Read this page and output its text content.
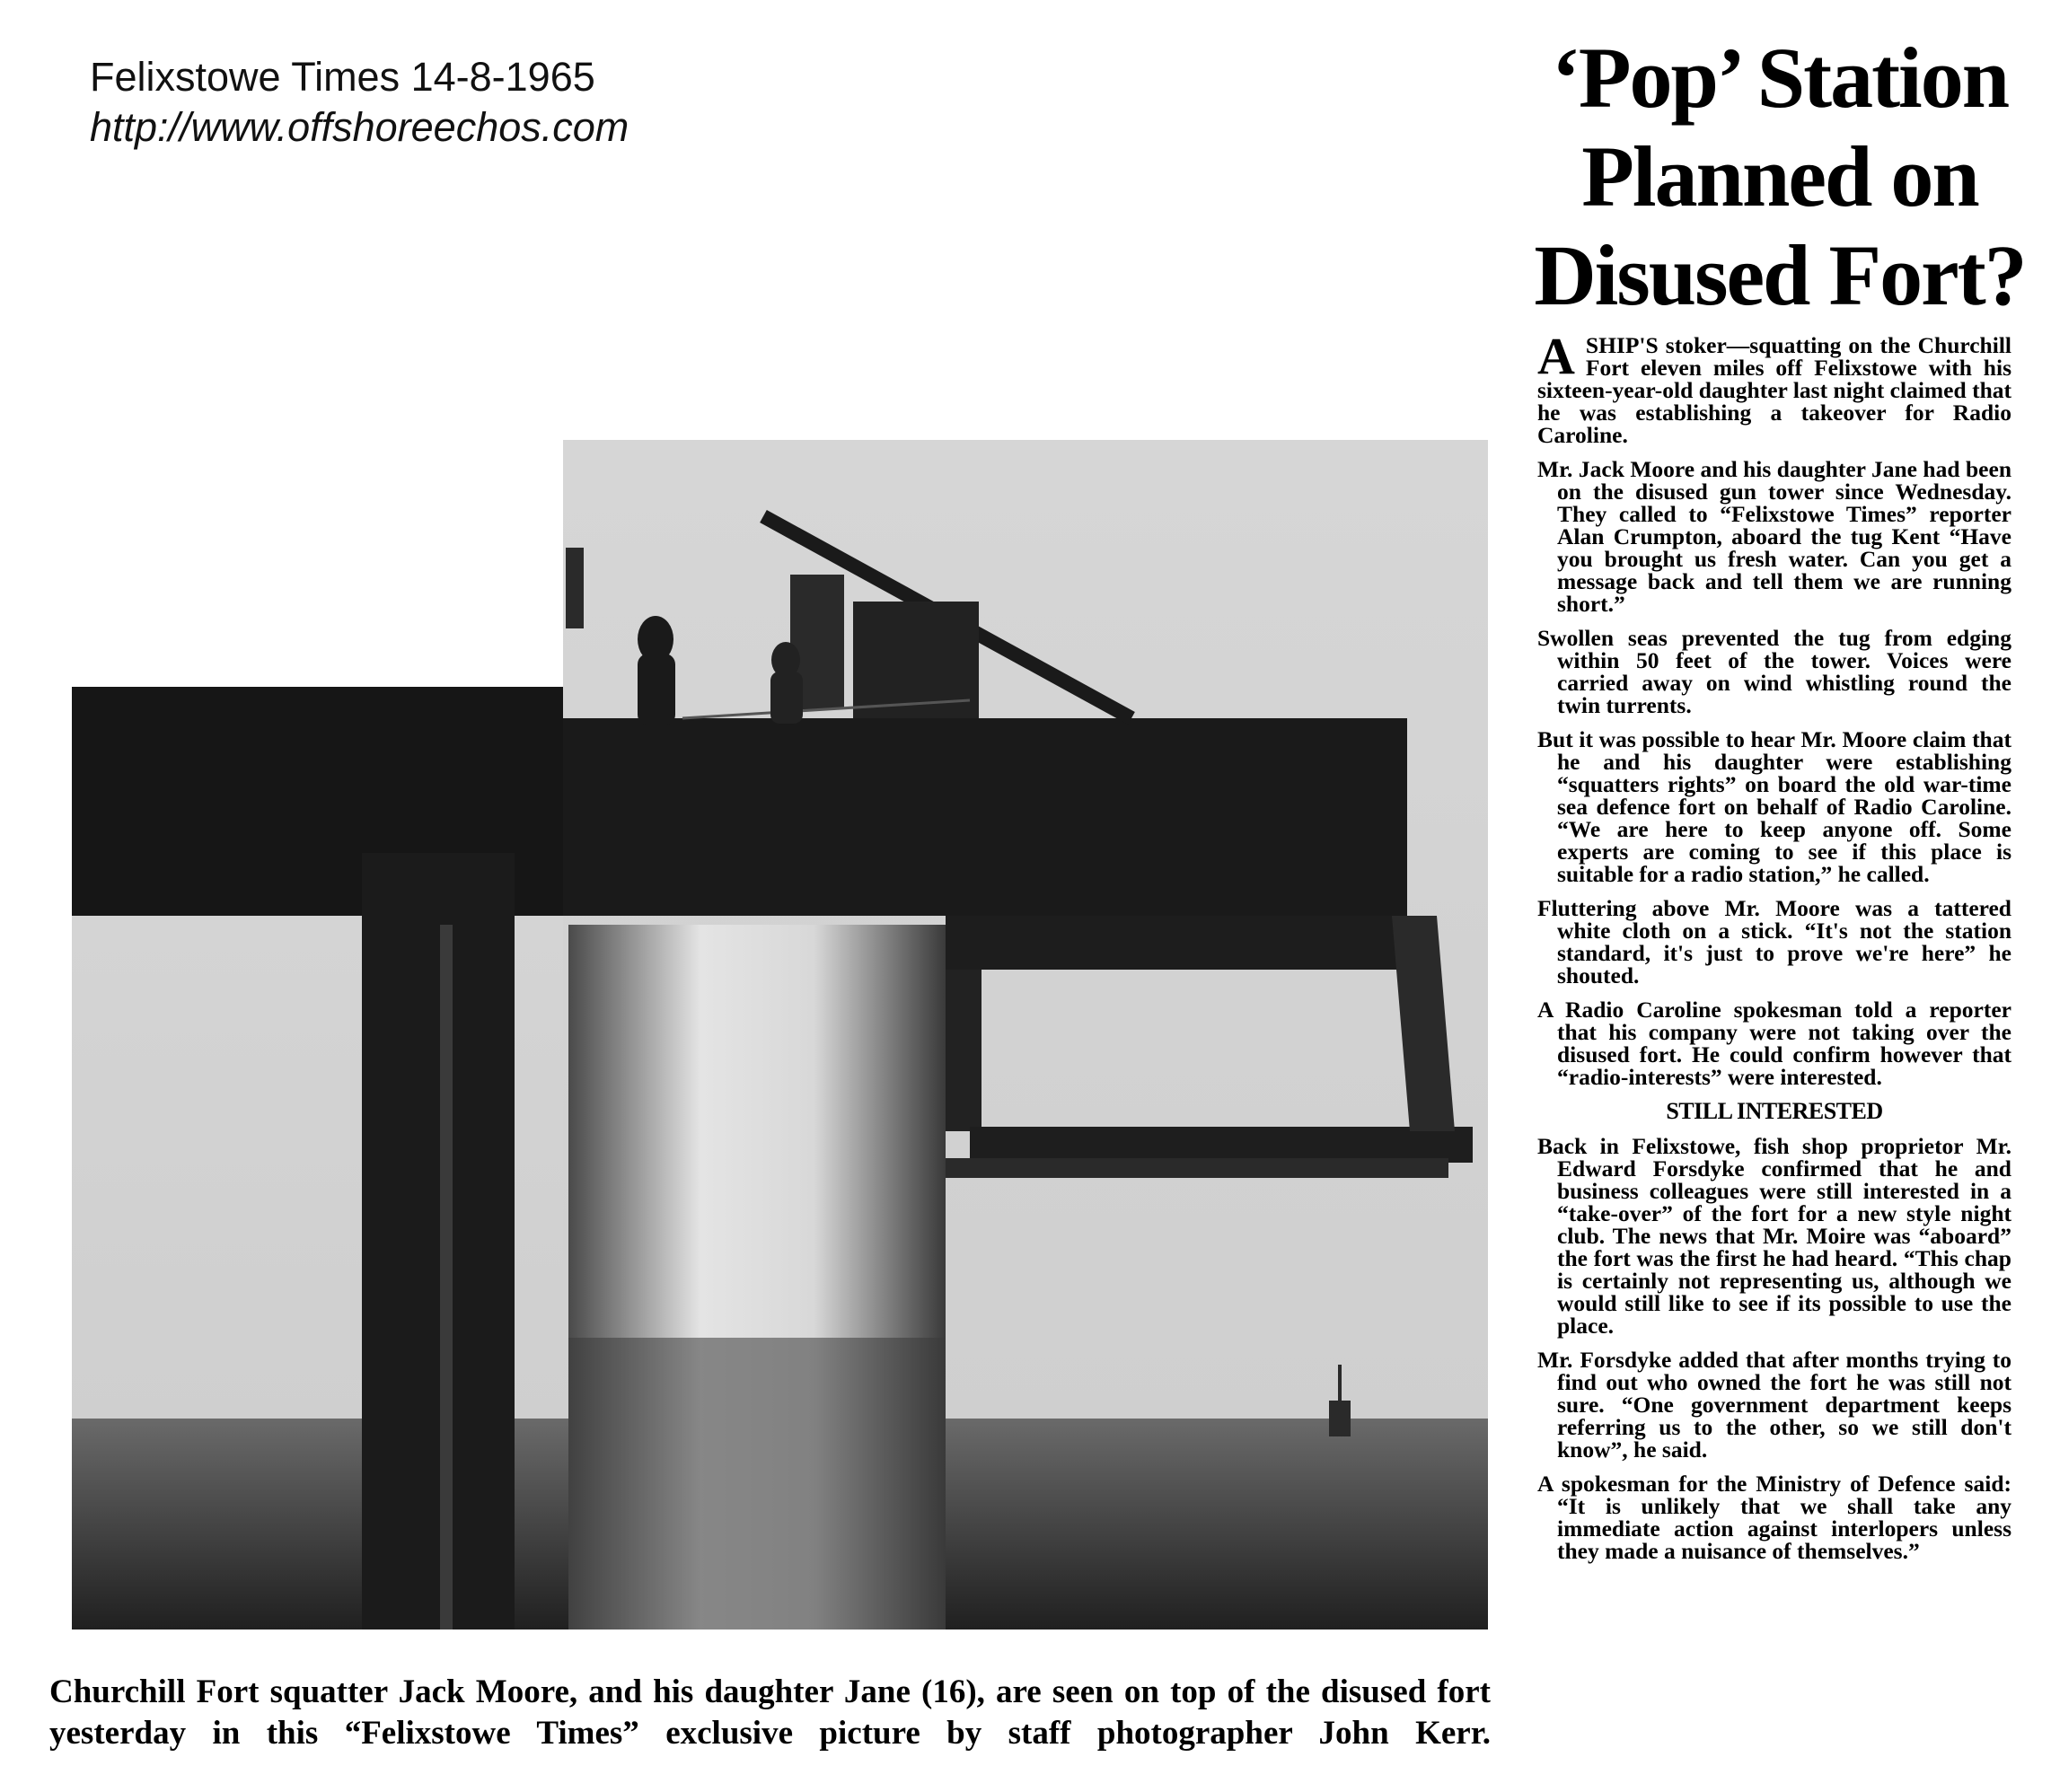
Felixstowe Times 14-8-1965
http://www.offshoreechos.com
‘Pop’ Station
Planned on
Disused Fort?
Churchill Fort squatter Jack Moore, and his daughter Jane (16), are seen on top of the disused fort yesterday in this “Felixstowe Times” exclusive picture by staff photographer John Kerr.

ASHIP'S stoker—squatting on the Churchill Fort eleven miles off Felixstowe with his sixteen-year-old daughter last night claimed that he was establishing a takeover for Radio Caroline.

Mr. Jack Moore and his daughter Jane had been on the disused gun tower since Wednesday. They called to “Felixstowe Times” reporter Alan Crumpton, aboard the tug Kent “Have you brought us fresh water. Can you get a message back and tell them we are running short.”

Swollen seas prevented the tug from edging within 50 feet of the tower. Voices were carried away on wind whistling round the twin turrents.

But it was possible to hear Mr. Moore claim that he and his daughter were establishing “squatters rights” on board the old war-time sea defence fort on behalf of Radio Caroline. “We are here to keep anyone off. Some experts are coming to see if this place is suitable for a radio station,” he called.

Fluttering above Mr. Moore was a tattered white cloth on a stick. “It's not the station standard, it's just to prove we're here” he shouted.

A Radio Caroline spokesman told a reporter that his company were not taking over the disused fort. He could confirm however that “radio-interests” were interested.

STILL INTERESTED

Back in Felixstowe, fish shop proprietor Mr. Edward Forsdyke confirmed that he and business colleagues were still interested in a “take-over” of the fort for a new style night club. The news that Mr. Moire was “aboard” the fort was the first he had heard. “This chap is certainly not representing us, although we would still like to see if its possible to use the place.

Mr. Forsdyke added that after months trying to find out who owned the fort he was still not sure. “One government department keeps referring us to the other, so we still don't know”, he said.

A spokesman for the Ministry of Defence said: “It is unlikely that we shall take any immediate action against interlopers unless they made a nuisance of themselves.”
